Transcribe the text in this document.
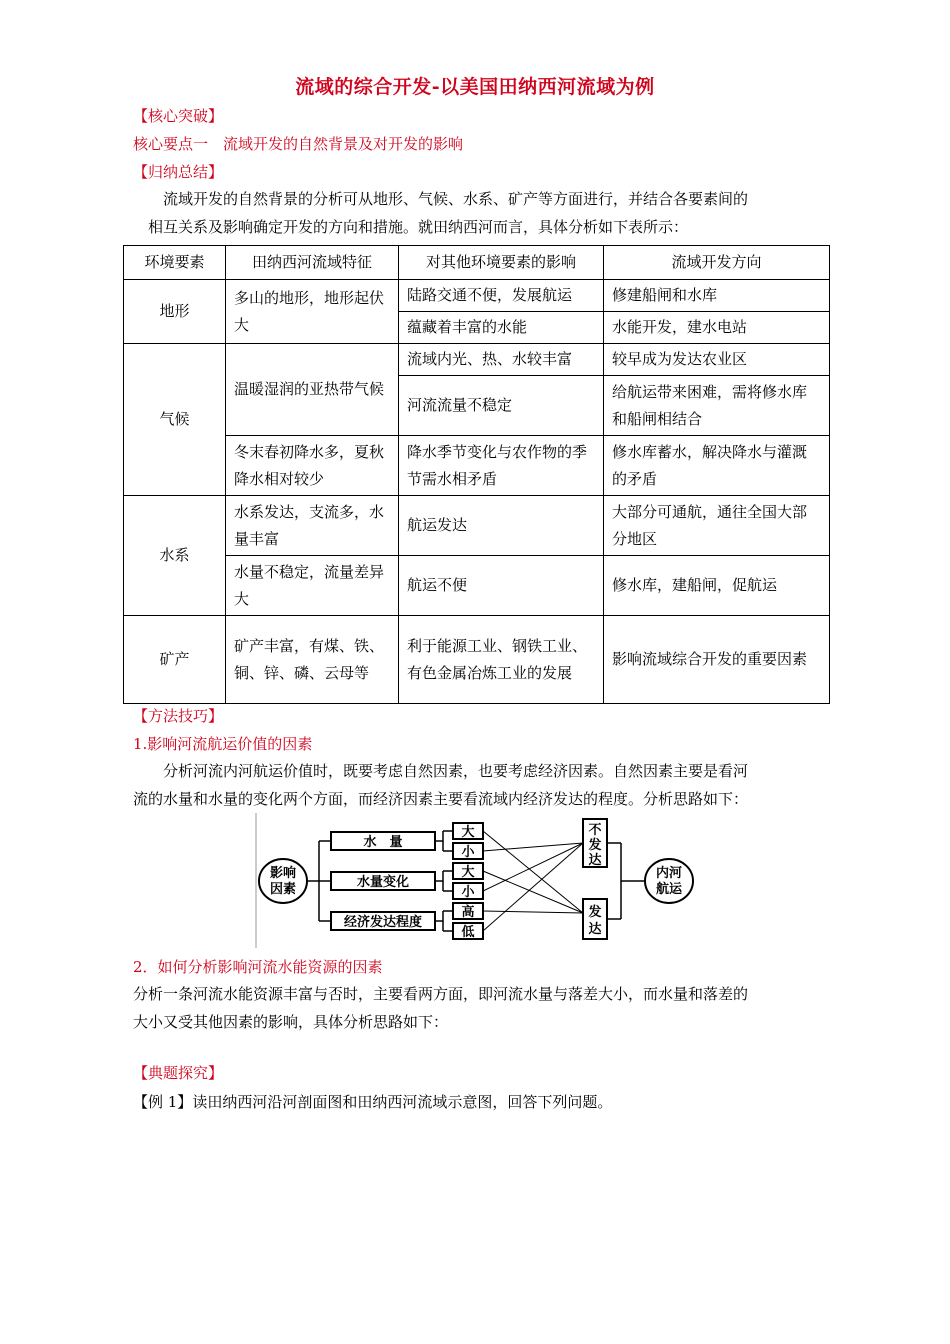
流域的综合开发-以美国田纳西河流域为例
【核心突破】
核心要点一　流域开发的自然背景及对开发的影响
【归纳总结】
流域开发的自然背景的分析可从地形、气候、水系、矿产等方面进行，并结合各要素间的
相互关系及影响确定开发的方向和措施。就田纳西河而言，具体分析如下表所示：
环境要素	田纳西河流域特征	对其他环境要素的影响	流域开发方向
地形	多山的地形，地形起伏大	陆路交通不便，发展航运	修建船闸和水库
		蕴藏着丰富的水能	水能开发，建水电站
气候	温暖湿润的亚热带气候	流域内光、热、水较丰富	较早成为发达农业区
		河流流量不稳定	给航运带来困难，需将修水库和船闸相结合
	冬末春初降水多，夏秋降水相对较少	降水季节变化与农作物的季节需水相矛盾	修水库蓄水，解决降水与灌溉的矛盾
水系	水系发达，支流多，水量丰富	航运发达	大部分可通航，通往全国大部分地区
	水量不稳定，流量差异大	航运不便	修水库，建船闸，促航运
矿产	矿产丰富，有煤、铁、铜、锌、磷、云母等	利于能源工业、钢铁工业、有色金属冶炼工业的发展	影响流域综合开发的重要因素
【方法技巧】
1.影响河流航运价值的因素
分析河流内河航运价值时，既要考虑自然因素，也要考虑经济因素。自然因素主要是看河
流的水量和水量的变化两个方面，而经济因素主要看流域内经济发达的程度。分析思路如下：
影响
因素
水　量
水量变化
经济发达程度
大
小
大
小
高
低
不
发
达
发
达
内河
航运
2．如何分析影响河流水能资源的因素
分析一条河流水能资源丰富与否时，主要看两方面，即河流水量与落差大小，而水量和落差的
大小又受其他因素的影响，具体分析思路如下：
【典题探究】
【例 1】读田纳西河沿河剖面图和田纳西河流域示意图，回答下列问题。
